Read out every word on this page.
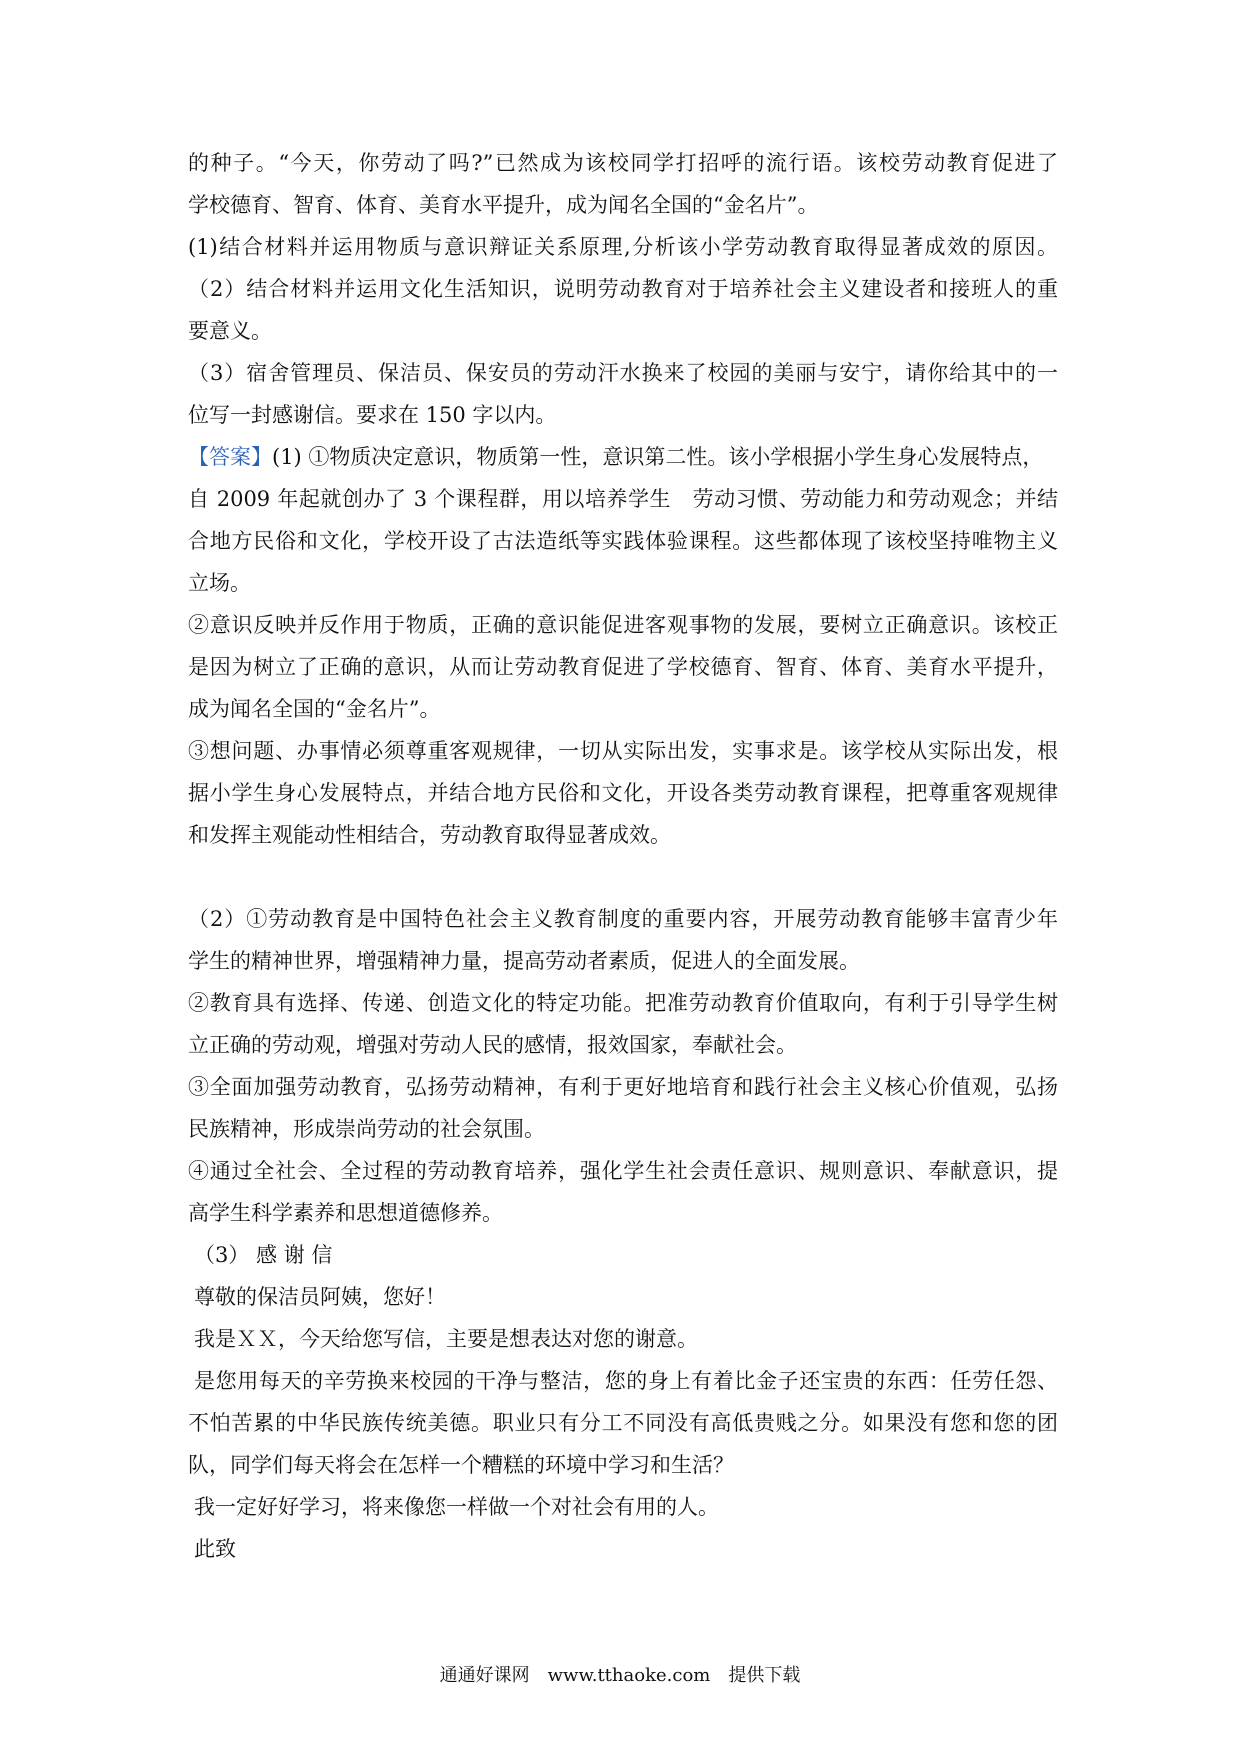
的种子。“今天，你劳动了吗?”已然成为该校同学打招呼的流行语。该校劳动教育促进了
学校德育、智育、体育、美育水平提升，成为闻名全国的“金名片”。
(1)结合材料并运用物质与意识辩证关系原理,分析该小学劳动教育取得显著成效的原因。
（2）结合材料并运用文化生活知识，说明劳动教育对于培养社会主义建设者和接班人的重
要意义。
（3）宿舍管理员、保洁员、保安员的劳动汗水换来了校园的美丽与安宁，请你给其中的一
位写一封感谢信。要求在 150 字以内。
【答案】(1) ①物质决定意识，物质第一性，意识第二性。该小学根据小学生身心发展特点，
自 2009 年起就创办了 3 个课程群，用以培养学生　劳动习惯、劳动能力和劳动观念；并结
合地方民俗和文化，学校开设了古法造纸等实践体验课程。这些都体现了该校坚持唯物主义
立场。
②意识反映并反作用于物质，正确的意识能促进客观事物的发展，要树立正确意识。该校正
是因为树立了正确的意识，从而让劳动教育促进了学校德育、智育、体育、美育水平提升，
成为闻名全国的“金名片”。
③想问题、办事情必须尊重客观规律，一切从实际出发，实事求是。该学校从实际出发，根
据小学生身心发展特点，并结合地方民俗和文化，开设各类劳动教育课程，把尊重客观规律
和发挥主观能动性相结合，劳动教育取得显著成效。
（2）①劳动教育是中国特色社会主义教育制度的重要内容，开展劳动教育能够丰富青少年
学生的精神世界，增强精神力量，提高劳动者素质，促进人的全面发展。
②教育具有选择、传递、创造文化的特定功能。把准劳动教育价值取向，有利于引导学生树
立正确的劳动观，增强对劳动人民的感情，报效国家，奉献社会。
③全面加强劳动教育，弘扬劳动精神，有利于更好地培育和践行社会主义核心价值观，弘扬
民族精神，形成崇尚劳动的社会氛围。
④通过全社会、全过程的劳动教育培养，强化学生社会责任意识、规则意识、奉献意识，提
高学生科学素养和思想道德修养。
（3） 感 谢 信
尊敬的保洁员阿姨，您好！
我是ＸＸ，今天给您写信，主要是想表达对您的谢意。
是您用每天的辛劳换来校园的干净与整洁，您的身上有着比金子还宝贵的东西：任劳任怨、
不怕苦累的中华民族传统美德。职业只有分工不同没有高低贵贱之分。如果没有您和您的团
队，同学们每天将会在怎样一个糟糕的环境中学习和生活？
我一定好好学习，将来像您一样做一个对社会有用的人。
此致
通通好课网　www.tthaoke.com　提供下载
